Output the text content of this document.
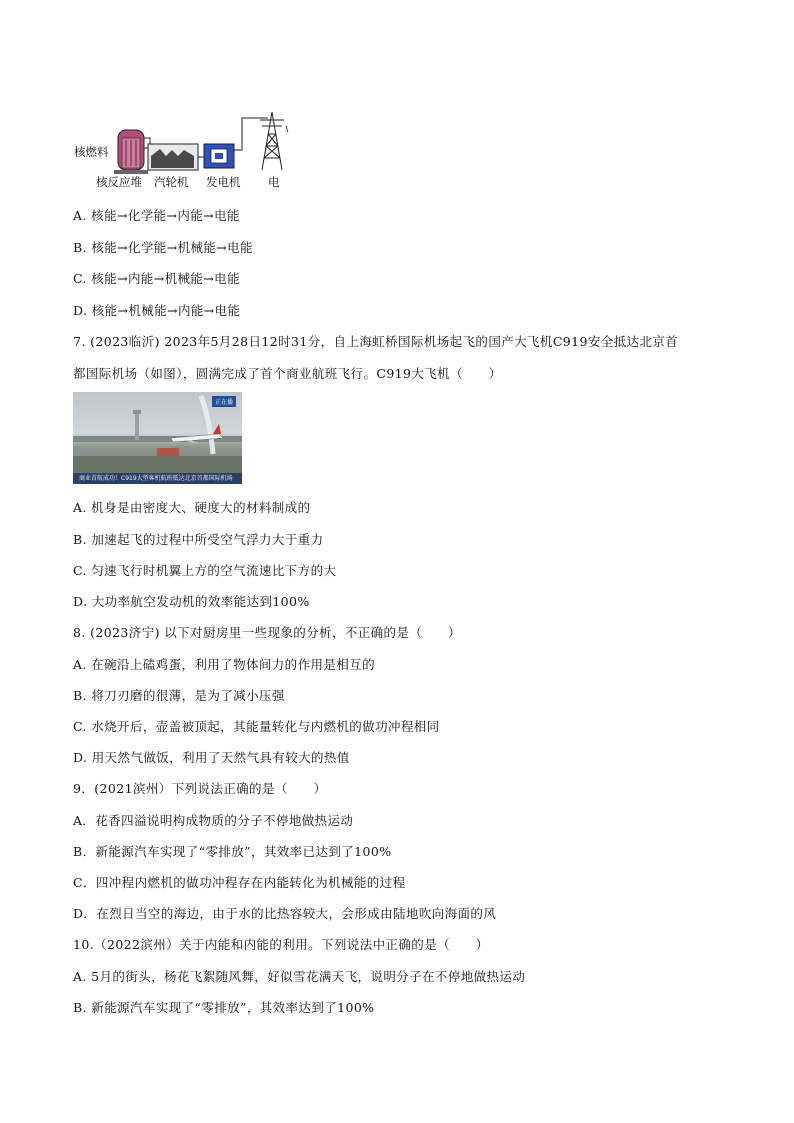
核燃料
核反应堆 汽轮机 发电机 电
A. 核能→化学能→内能→电能
B. 核能→化学能→机械能→电能
C. 核能→内能→机械能→电能
D. 核能→机械能→内能→电能
7. (2023临沂) 2023年5月28日12时31分，自上海虹桥国际机场起飞的国产大飞机C919安全抵达北京首
都国际机场（如图），圆满完成了首个商业航班飞行。C919大飞机（　　）
正在播
商业首航成功！C919大型客机航班抵达北京首都国际机场
A. 机身是由密度大、硬度大的材料制成的
B. 加速起飞的过程中所受空气浮力大于重力
C. 匀速飞行时机翼上方的空气流速比下方的大
D. 大功率航空发动机的效率能达到100%
8. (2023济宁) 以下对厨房里一些现象的分析，不正确的是（　　）
A. 在碗沿上磕鸡蛋，利用了物体间力的作用是相互的
B. 将刀刃磨的很薄，是为了减小压强
C. 水烧开后，壶盖被顶起，其能量转化与内燃机的做功冲程相同
D. 用天然气做饭，利用了天然气具有较大的热值
9．(2021滨州）下列说法正确的是（　　）
A．花香四溢说明构成物质的分子不停地做热运动
B．新能源汽车实现了“零排放”，其效率已达到了100%
C．四冲程内燃机的做功冲程存在内能转化为机械能的过程
D．在烈日当空的海边，由于水的比热容较大，会形成由陆地吹向海面的风
10.（2022滨州）关于内能和内能的利用。下列说法中正确的是（　　）
A. 5月的街头，杨花飞絮随风舞，好似雪花满天飞，说明分子在不停地做热运动
B. 新能源汽车实现了“零排放”，其效率达到了100%
